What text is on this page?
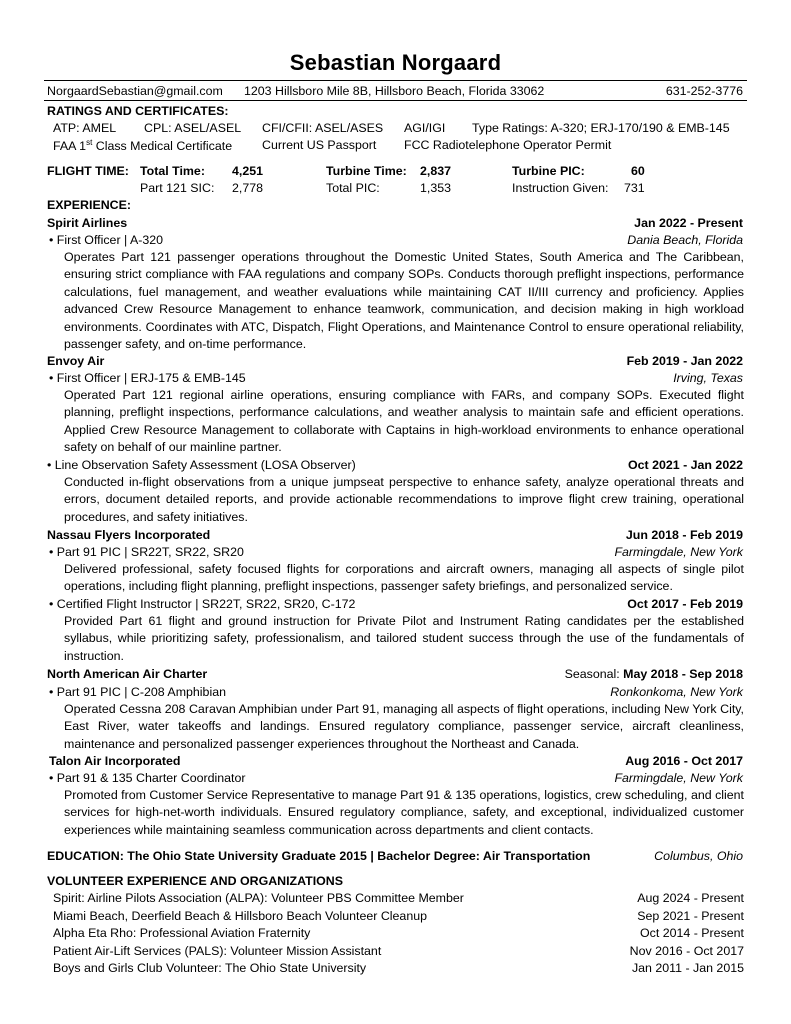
Sebastian Norgaard
NorgaardSebastian@gmail.com 1203 Hillsboro Mile 8B, Hillsboro Beach, Florida 33062	631-252-3776
RATINGS AND CERTIFICATES:
ATP: AMEL CPL: ASEL/ASEL CFI/CFII: ASEL/ASES AGI/IGI Type Ratings: A-320; ERJ-170/190 & EMB-145
FAA 1st Class Medical Certificate Current US Passport FCC Radiotelephone Operator Permit
FLIGHT TIME: Total Time: 4,251	Turbine Time: 2,837	Turbine PIC:	60
Part 121 SIC: 2,778	Total PIC:	1,353	Instruction Given: 731
EXPERIENCE:
Spirit Airlines	Jan 2022 - Present
• First Officer | A-320	Dania Beach, Florida
Operates Part 121 passenger operations throughout the Domestic United States, South America and The Caribbean, ensuring strict compliance with FAA regulations and company SOPs. Conducts thorough preflight inspections, performance calculations, fuel management, and weather evaluations while maintaining CAT II/III currency and proficiency. Applies advanced Crew Resource Management to enhance teamwork, communication, and decision making in high workload environments. Coordinates with ATC, Dispatch, Flight Operations, and Maintenance Control to ensure operational reliability, passenger safety, and on-time performance.
Envoy Air	Feb 2019 - Jan 2022
• First Officer | ERJ-175 & EMB-145	Irving, Texas
Operated Part 121 regional airline operations, ensuring compliance with FARs, and company SOPs. Executed flight planning, preflight inspections, performance calculations, and weather analysis to maintain safe and efficient operations. Applied Crew Resource Management to collaborate with Captains in high-workload environments to enhance operational safety on behalf of our mainline partner.
• Line Observation Safety Assessment (LOSA Observer)	Oct 2021 - Jan 2022
Conducted in-flight observations from a unique jumpseat perspective to enhance safety, analyze operational threats and errors, document detailed reports, and provide actionable recommendations to improve flight crew training, operational procedures, and safety initiatives.
Nassau Flyers Incorporated	Jun 2018 - Feb 2019
• Part 91 PIC | SR22T, SR22, SR20	Farmingdale, New York
Delivered professional, safety focused flights for corporations and aircraft owners, managing all aspects of single pilot operations, including flight planning, preflight inspections, passenger safety briefings, and personalized service.
• Certified Flight Instructor | SR22T, SR22, SR20, C-172	Oct 2017 - Feb 2019
Provided Part 61 flight and ground instruction for Private Pilot and Instrument Rating candidates per the established syllabus, while prioritizing safety, professionalism, and tailored student success through the use of the fundamentals of instruction.
North American Air Charter	Seasonal: May 2018 - Sep 2018
• Part 91 PIC | C-208 Amphibian	Ronkonkoma, New York
Operated Cessna 208 Caravan Amphibian under Part 91, managing all aspects of flight operations, including New York City, East River, water takeoffs and landings. Ensured regulatory compliance, passenger service, aircraft cleanliness, maintenance and personalized passenger experiences throughout the Northeast and Canada.
Talon Air Incorporated	Aug 2016 - Oct 2017
• Part 91 & 135 Charter Coordinator	Farmingdale, New York
Promoted from Customer Service Representative to manage Part 91 & 135 operations, logistics, crew scheduling, and client services for high-net-worth individuals. Ensured regulatory compliance, safety, and exceptional, individualized customer experiences while maintaining seamless communication across departments and client contacts.
EDUCATION: The Ohio State University Graduate 2015 | Bachelor Degree: Air Transportation	Columbus, Ohio
VOLUNTEER EXPERIENCE AND ORGANIZATIONS
Spirit: Airline Pilots Association (ALPA): Volunteer PBS Committee Member	Aug 2024 - Present
Miami Beach, Deerfield Beach & Hillsboro Beach Volunteer Cleanup	Sep 2021 - Present
Alpha Eta Rho: Professional Aviation Fraternity	Oct 2014 - Present
Patient Air-Lift Services (PALS): Volunteer Mission Assistant	Nov 2016 - Oct 2017
Boys and Girls Club Volunteer: The Ohio State University	Jan 2011 - Jan 2015
